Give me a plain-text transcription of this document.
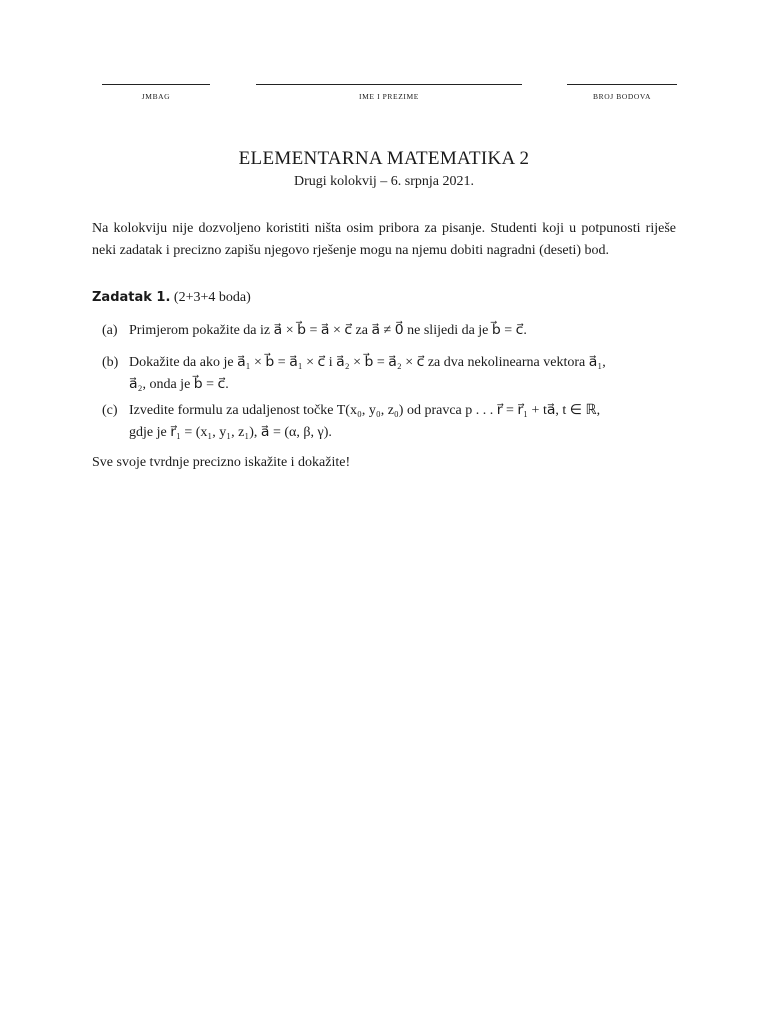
JMBAG	IME I PREZIME	BROJ BODOVA
ELEMENTARNA MATEMATIKA 2
Drugi kolokvij – 6. srpnja 2021.
Na kolokviju nije dozvoljeno koristiti ništa osim pribora za pisanje. Studenti koji u potpunosti riješe neki zadatak i precizno zapišu njegovo rješenje mogu na njemu dobiti nagradni (deseti) bod.
Zadatak 1. (2+3+4 boda)
(a) Primjerom pokažite da iz a⃗ × b⃗ = a⃗ × c⃗ za a⃗ ≠ 0⃗ ne slijedi da je b⃗ = c⃗.
(b) Dokažite da ako je a⃗₁ × b⃗ = a⃗₁ × c⃗ i a⃗₂ × b⃗ = a⃗₂ × c⃗ za dva nekolinearna vektora a⃗₁,
a⃗₂, onda je b⃗ = c⃗.
(c) Izvedite formulu za udaljenost točke T(x₀, y₀, z₀) od pravca p . . . r⃗ = r⃗₁ + ta⃗, t ∈ ℝ,
gdje je r⃗₁ = (x₁, y₁, z₁), a⃗ = (α, β, γ).
Sve svoje tvrdnje precizno iskažite i dokažite!
